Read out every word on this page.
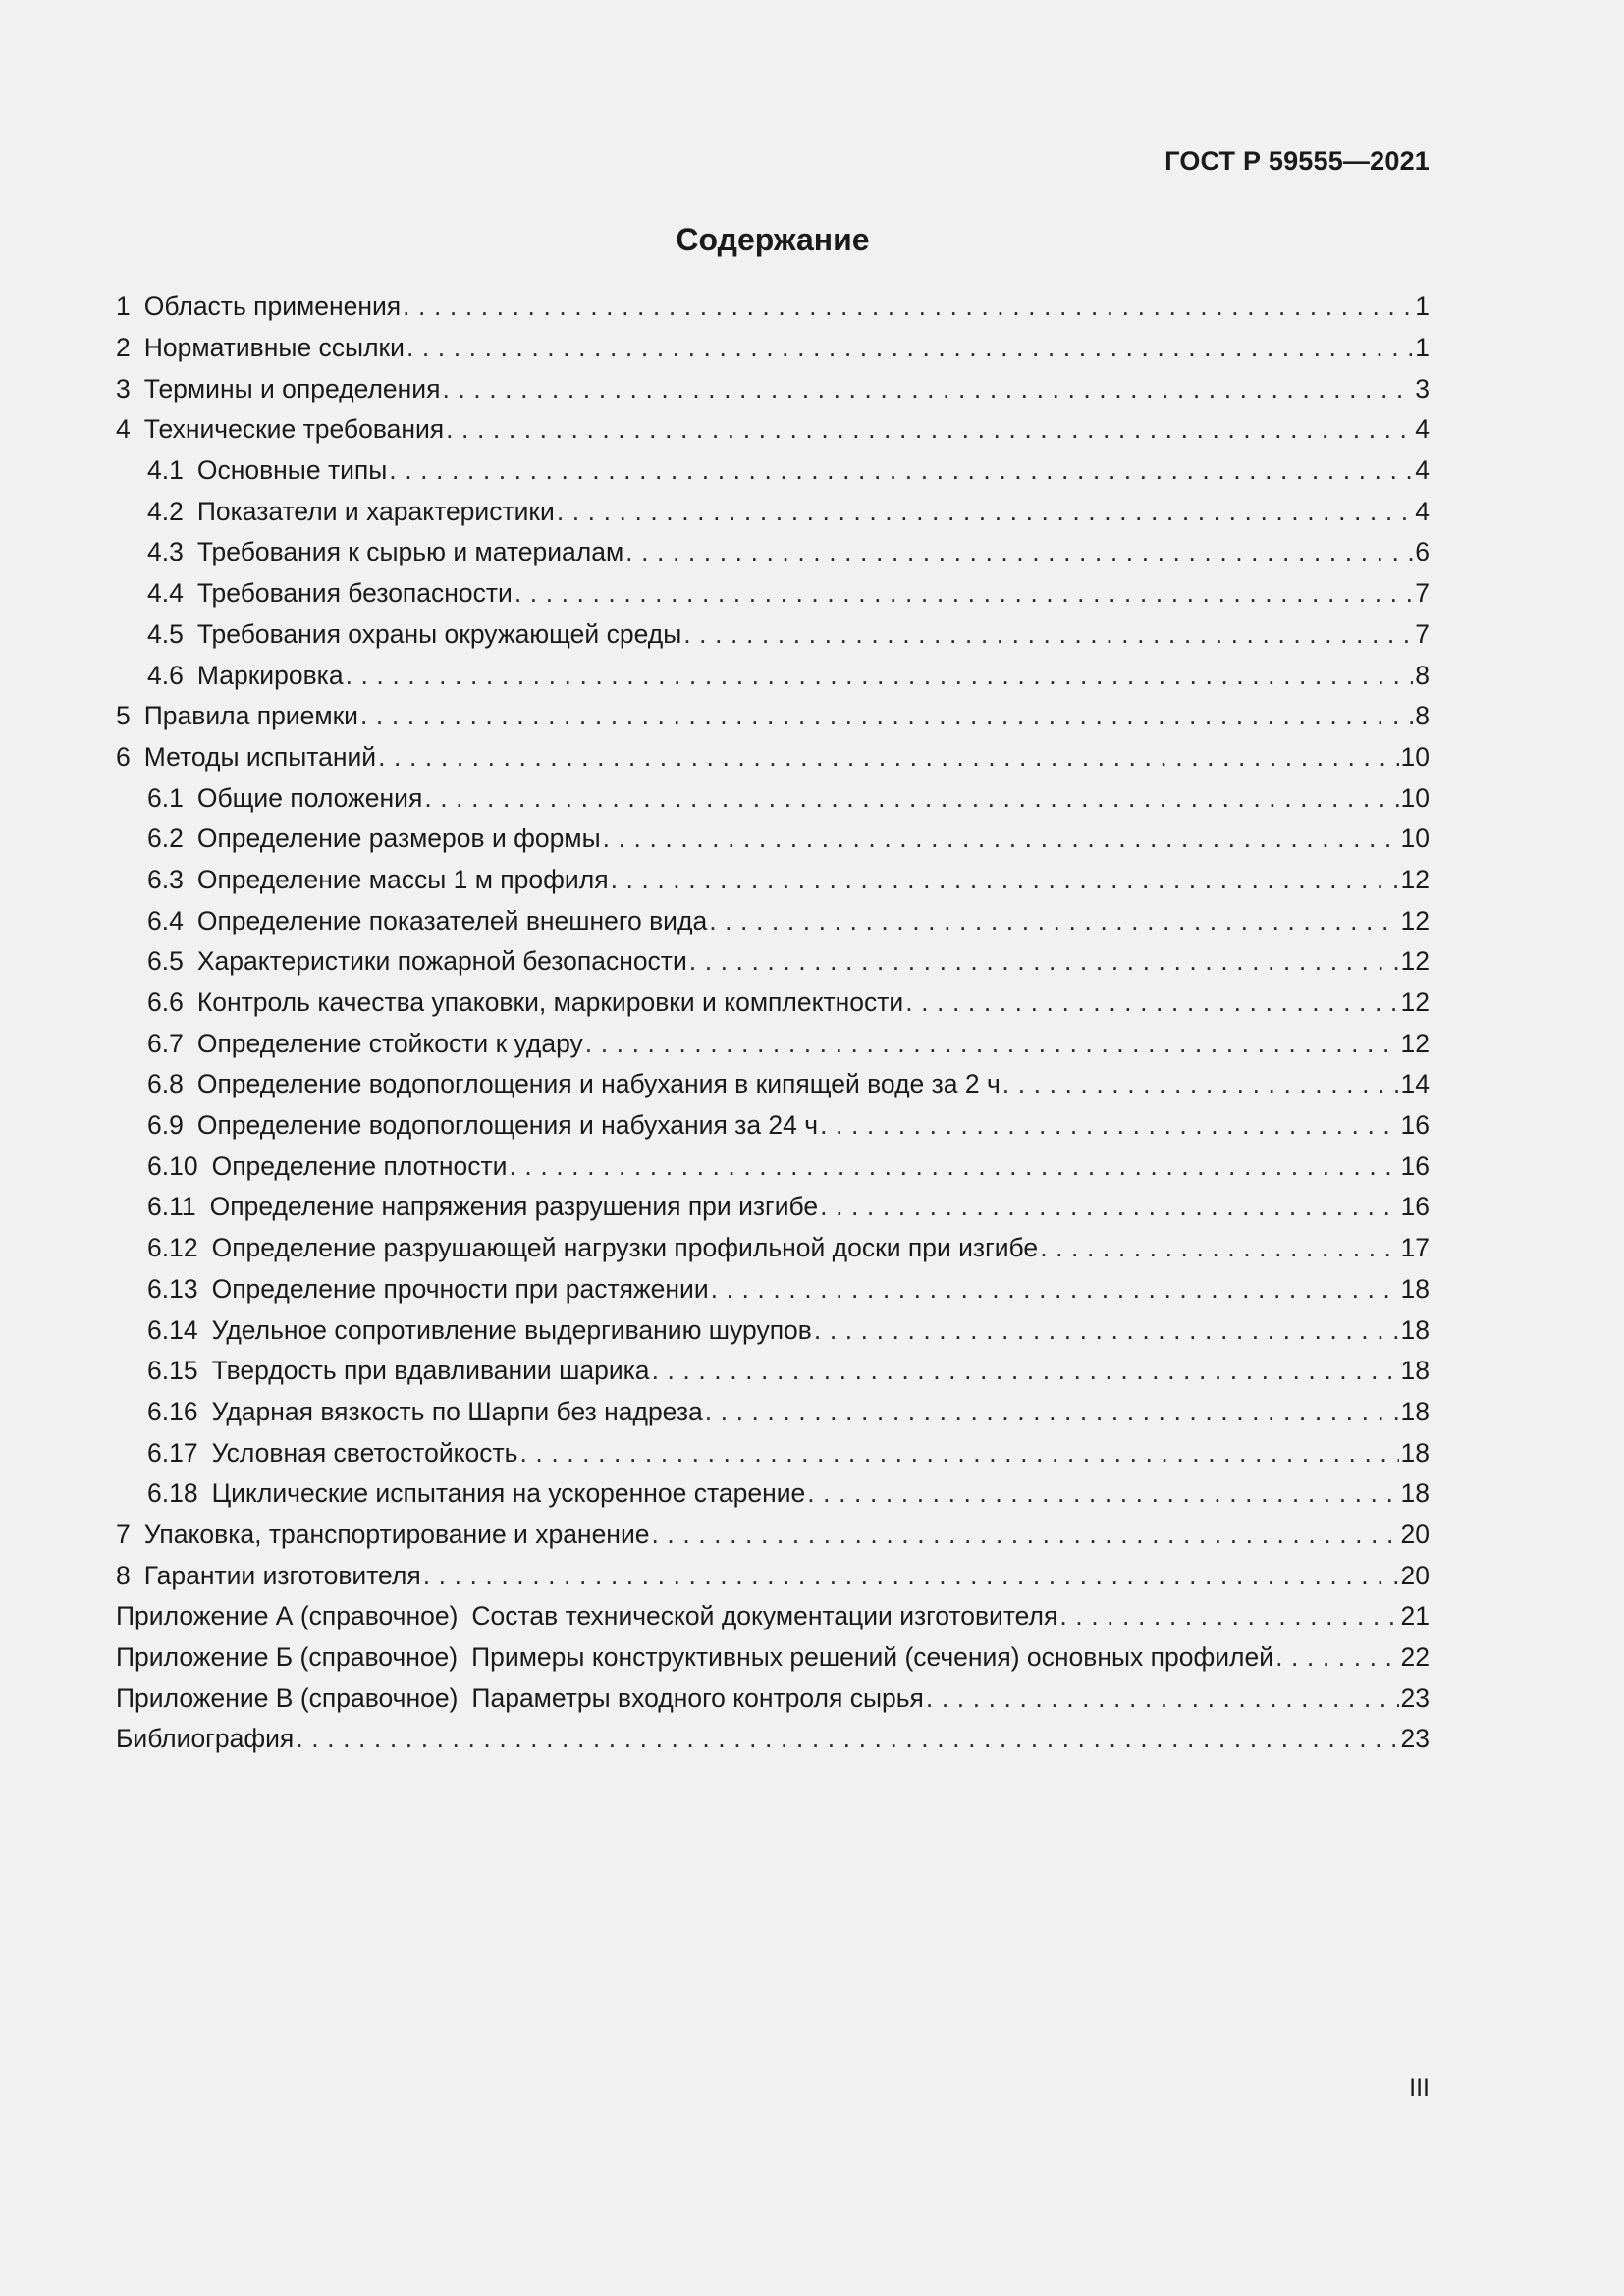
ГОСТ Р 59555—2021
Содержание
1 Область применения . . .	1
2 Нормативные ссылки . . .	1
3 Термины и определения . . .	3
4 Технические требования . . .	4
4.1 Основные типы . . .	4
4.2 Показатели и характеристики . . .	4
4.3 Требования к сырью и материалам . . .	6
4.4 Требования безопасности . . .	7
4.5 Требования охраны окружающей среды . . .	7
4.6 Маркировка . . .	8
5 Правила приемки . . .	8
6 Методы испытаний . . .	10
6.1 Общие положения . . .	10
6.2 Определение размеров и формы . . .	10
6.3 Определение массы 1 м профиля . . .	12
6.4 Определение показателей внешнего вида . . .	12
6.5 Характеристики пожарной безопасности . . .	12
6.6 Контроль качества упаковки, маркировки и комплектности . . .	12
6.7 Определение стойкости к удару . . .	12
6.8 Определение водопоглощения и набухания в кипящей воде за 2 ч . . .	14
6.9 Определение водопоглощения и набухания за 24 ч . . .	16
6.10 Определение плотности . . .	16
6.11 Определение напряжения разрушения при изгибе . . .	16
6.12 Определение разрушающей нагрузки профильной доски при изгибе . . .	17
6.13 Определение прочности при растяжении . . .	18
6.14 Удельное сопротивление выдергиванию шурупов . . .	18
6.15 Твердость при вдавливании шарика . . .	18
6.16 Ударная вязкость по Шарпи без надреза . . .	18
6.17 Условная светостойкость . . .	18
6.18 Циклические испытания на ускоренное старение . . .	18
7 Упаковка, транспортирование и хранение . . .	20
8 Гарантии изготовителя . . .	20
Приложение А (справочное) Состав технической документации изготовителя . . .	21
Приложение Б (справочное) Примеры конструктивных решений (сечения) основных профилей . . .	22
Приложение В (справочное) Параметры входного контроля сырья . . .	23
Библиография . . .	23
III
